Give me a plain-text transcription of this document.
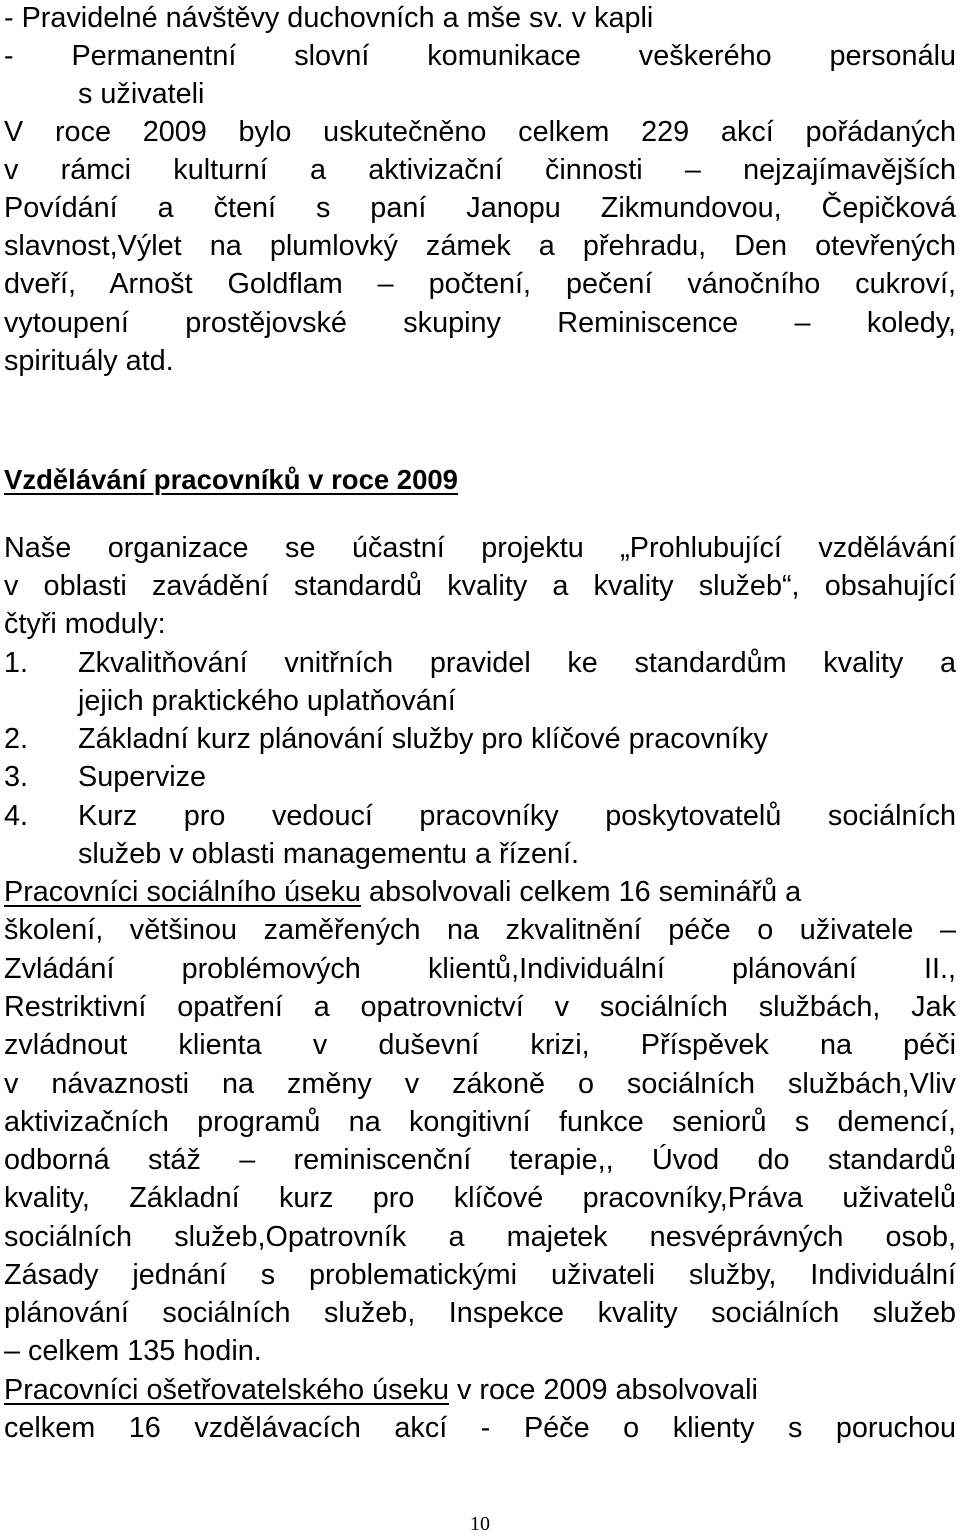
- Pravidelné návštěvy duchovních a mše sv. v kapli
- Permanentní slovní komunikace veškerého personálu
s uživateli
V roce 2009 bylo uskutečněno celkem 229 akcí pořádaných
v rámci kulturní a aktivizační činnosti – nejzajímavějších
Povídání a čtení s paní Janopu Zikmundovou, Čepičková
slavnost,Výlet na plumlovký zámek a přehradu, Den otevřených
dveří, Arnošt Goldflam – počtení, pečení vánočního cukroví,
vytoupení prostějovské skupiny Reminiscence – koledy,
spirituály atd.
Vzdělávání pracovníků v roce 2009
Naše organizace se účastní projektu „Prohlubující vzdělávání
v oblasti zavádění standardů kvality a kvality služeb“, obsahující
čtyři moduly:
1. Zkvalitňování vnitřních pravidel ke standardům kvality a
jejich praktického uplatňování
2. Základní kurz plánování služby pro klíčové pracovníky
3. Supervize
4. Kurz pro vedoucí pracovníky poskytovatelů sociálních
služeb v oblasti managementu a řízení.
Pracovníci sociálního úseku absolvovali celkem 16 seminářů a
školení, většinou zaměřených na zkvalitnění péče o uživatele –
Zvládání problémových klientů,Individuální plánování II.,
Restriktivní opatření a opatrovnictví v sociálních službách, Jak
zvládnout klienta v duševní krizi, Příspěvek na péči
v návaznosti na změny v zákoně o sociálních službách,Vliv
aktivizačních programů na kongitivní funkce seniorů s demencí,
odborná stáž – reminiscenční terapie,, Úvod do standardů
kvality, Základní kurz pro klíčové pracovníky,Práva uživatelů
sociálních služeb,Opatrovník a majetek nesvéprávných osob,
Zásady jednání s problematickými uživateli služby, Individuální
plánování sociálních služeb, Inspekce kvality sociálních služeb
– celkem 135 hodin.
Pracovníci ošetřovatelského úseku v roce 2009 absolvovali
celkem 16 vzdělávacích akcí - Péče o klienty s poruchou
10
